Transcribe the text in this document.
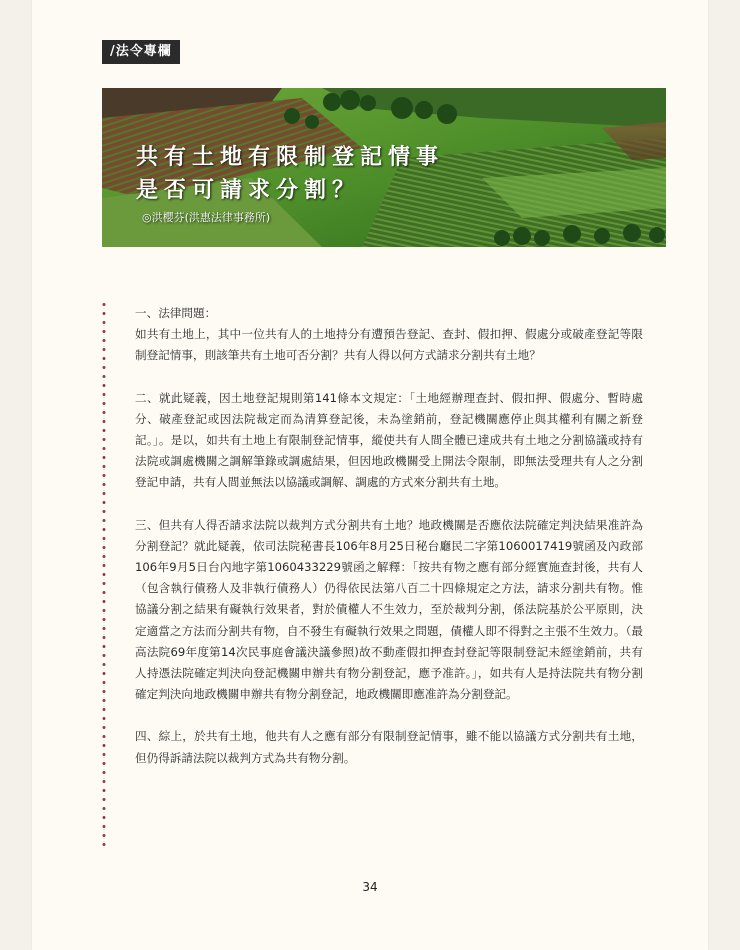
/法令專欄
共有土地有限制登記情事
是否可請求分割？
◎洪櫻芬(洪惠法律事務所)

一、法律問題：
如共有土地上，其中一位共有人的土地持分有遭預告登記、查封、假扣押、假處分或破產登記等限制登記情事，則該筆共有土地可否分割？共有人得以何方式請求分割共有土地？

二、就此疑義，因土地登記規則第141條本文規定：「土地經辦理查封、假扣押、假處分、暫時處分、破產登記或因法院裁定而為清算登記後，未為塗銷前，登記機關應停止與其權利有關之新登記。」。是以，如共有土地上有限制登記情事，縱使共有人間全體已達成共有土地之分割協議或持有法院或調處機關之調解筆錄或調處結果，但因地政機關受上開法令限制，即無法受理共有人之分割登記申請，共有人間並無法以協議或調解、調處的方式來分割共有土地。

三、但共有人得否請求法院以裁判方式分割共有土地？地政機關是否應依法院確定判決結果准許為分割登記？就此疑義，依司法院秘書長106年8月25日秘台廳民二字第1060017419號函及內政部106年9月5日台內地字第1060433229號函之解釋：「按共有物之應有部分經實施查封後，共有人 （包含執行債務人及非執行債務人）仍得依民法第八百二十四條規定之方法，請求分割共有物。惟協議分割之結果有礙執行效果者，對於債權人不生效力，至於裁判分割，係法院基於公平原則，決定適當之方法而分割共有物，自不發生有礙執行效果之問題，債權人即不得對之主張不生效力。（最高法院69年度第14次民事庭會議決議參照)故不動產假扣押查封登記等限制登記未經塗銷前，共有人持憑法院確定判決向登記機關申辦共有物分割登記，應予准許。」，如共有人是持法院共有物分割確定判決向地政機關申辦共有物分割登記，地政機關即應准許為分割登記。

四、綜上，於共有土地，他共有人之應有部分有限制登記情事，雖不能以協議方式分割共有土地，但仍得訴請法院以裁判方式為共有物分割。

34
